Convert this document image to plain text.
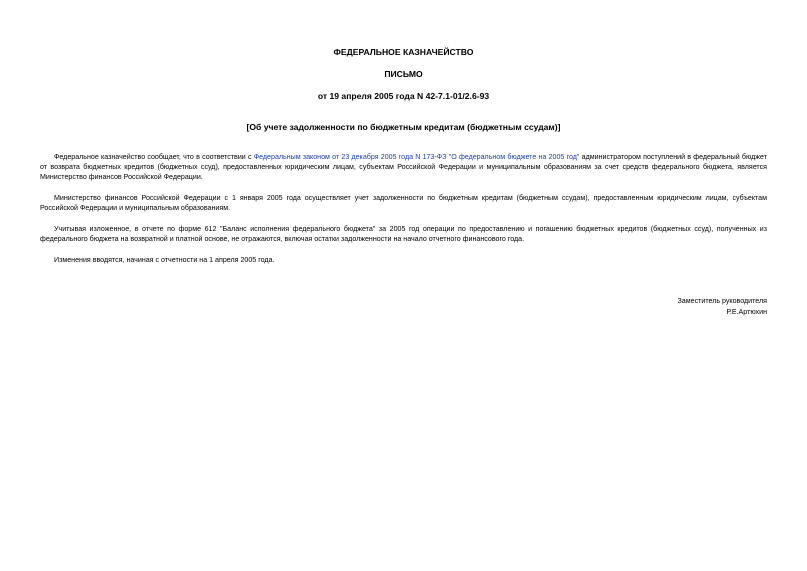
ФЕДЕРАЛЬНОЕ КАЗНАЧЕЙСТВО
ПИСЬМО
от 19 апреля 2005 года N 42-7.1-01/2.6-93
[Об учете задолженности по бюджетным кредитам (бюджетным ссудам)]

Федеральное казначейство сообщает, что в соответствии с Федеральным законом от 23 декабря 2005 года N 173-ФЗ "О федеральном бюджете на 2005 год" администратором поступлений в федеральный бюджет от возврата бюджетных кредитов (бюджетных ссуд), предоставленных юридическим лицам, субъектам Российской Федерации и муниципальным образованиям за счет средств федерального бюджета, является Министерство финансов Российской Федерации.

Министерство финансов Российской Федерации с 1 января 2005 года осуществляет учет задолженности по бюджетным кредитам (бюджетным ссудам), предоставленным юридическим лицам, субъектам Российской Федерации и муниципальным образованиям.

Учитывая изложенное, в отчете по форме 612 "Баланс исполнения федерального бюджета" за 2005 год операции по предоставлению и погашению бюджетных кредитов (бюджетных ссуд), полученных из федерального бюджета на возвратной и платной основе, не отражаются, включая остатки задолженности на начало отчетного финансового года.

Изменения вводятся, начиная с отчетности на 1 апреля 2005 года.

Заместитель руководителя
Р.Е.Артюхин
